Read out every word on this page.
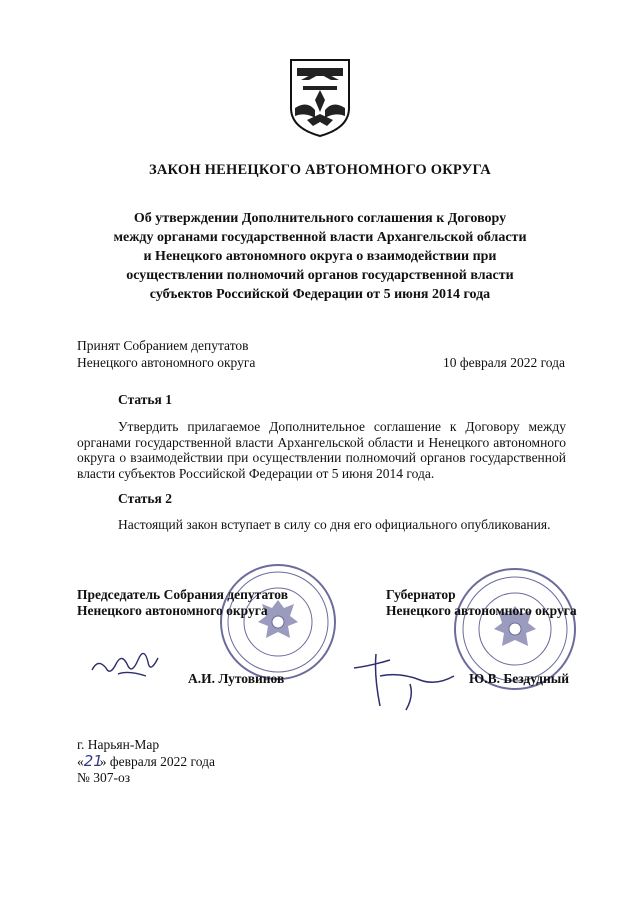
ЗАКОН НЕНЕЦКОГО АВТОНОМНОГО ОКРУГА
Об утверждении Дополнительного соглашения к Договору
между органами государственной власти Архангельской области
и Ненецкого автономного округа о взаимодействии при
осуществлении полномочий органов государственной власти
субъектов Российской Федерации от 5 июня 2014 года
Принят Собранием депутатов
Ненецкого автономного округа	10 февраля 2022 года
Статья 1
Утвердить прилагаемое Дополнительное соглашение к Договору между органами государственной власти Архангельской области и Ненецкого автономного округа о взаимодействии при осуществлении полномочий органов государственной власти субъектов Российской Федерации от 5 июня 2014 года.
Статья 2
Настоящий закон вступает в силу со дня его официального опубликования.
Председатель Собрания депутатов
Ненецкого автономного округа
Губернатор
Ненецкого автономного округа
А.И. Лутовинов	Ю.В. Бездудный
г. Нарьян-Мар
«21» февраля 2022 года
№ 307-оз
